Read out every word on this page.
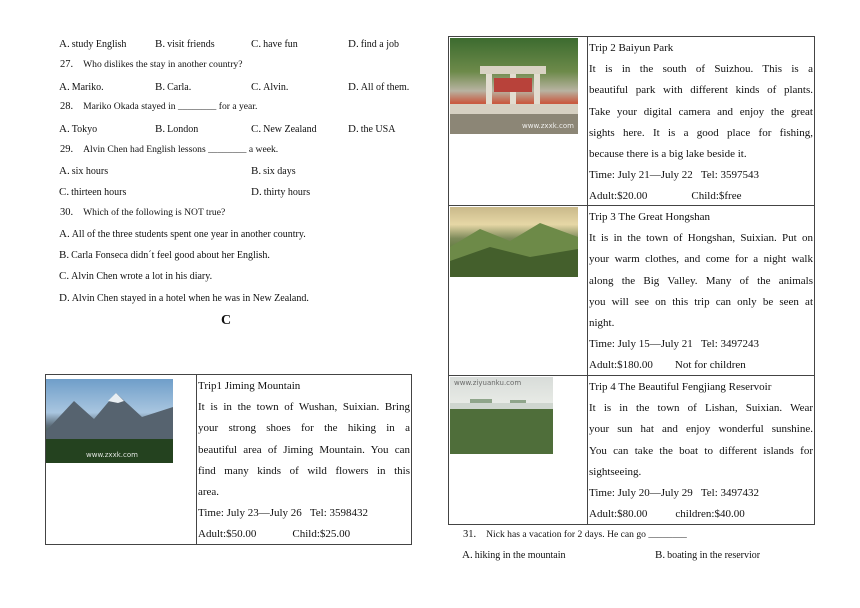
A. study English	B. visit friends	C. have fun	D. find a job
27. Who dislikes the stay in another country?
A. Mariko.	B. Carla.	C. Alvin.	D. All of them.
28. Mariko Okada stayed in ________ for a year.
A. Tokyo	B. London	C. New Zealand	D. the USA
29. Alvin Chen had English lessons ________ a week.
A. six hours	B. six days
C. thirteen hours	D. thirty hours
30. Which of the following is NOT true?
A. All of the three students spent one year in another country.
B. Carla Fonseca didn´t feel good about her English.
C. Alvin Chen wrote a lot in his diary.
D. Alvin Chen stayed in a hotel when he was in New Zealand.
C
www.zxxk.com

Trip1 Jiming Mountain

It is in the town of Wushan, Suixian. Bring

your strong shoes for the hiking in a

beautiful area of Jiming Mountain. You can

find many kinds of wild flowers in this

area.

Time: July 23—July 26 Tel: 3598432

Adult:$50.00	Child:$25.00

www.zxxk.com

Trip 2 Baiyun Park

It is in the south of Suizhou. This is a

beautiful park with different kinds of plants.

Take your digital camera and enjoy the great

sights here. It is a good place for fishing,

because there is a big lake beside it.

Time: July 21—July 22 Tel: 3597543

Adult:$20.00	Child:$free

Trip 3 The Great Hongshan

It is in the town of Hongshan, Suixian. Put on

your warm clothes, and come for a night walk

along the Big Valley. Many of the animals

you will see on this trip can only be seen at

night.

Time: July 15—July 21 Tel: 3497243

Adult:$180.00 Not for children

www.ziyuanku.com	Trip 4 The Beautiful Fengjiang Reservoir

It is in the town of Lishan, Suixian. Wear

your sun hat and enjoy wonderful sunshine.

You can take the boat to different islands for

sightseeing.

Time: July 20—July 29 Tel: 3497432

Adult:$80.00	children:$40.00

31. Nick has a vacation for 2 days. He can go ________
A. hiking in the mountain	B. boating in the reservior
